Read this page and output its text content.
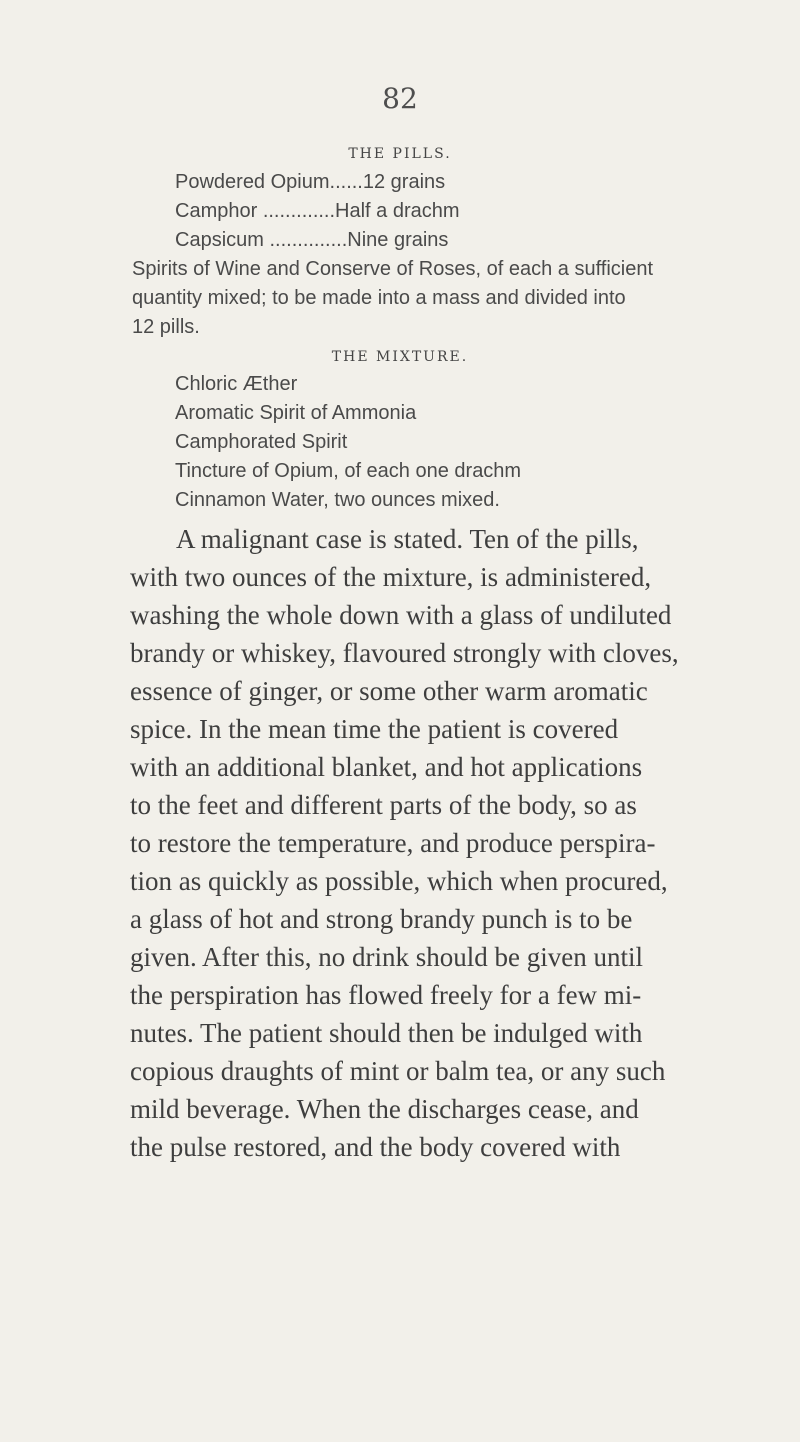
82
THE PILLS.
Powdered Opium......12 grains
Camphor .............Half a drachm
Capsicum ..............Nine grains
Spirits of Wine and Conserve of Roses, of each a sufficient
quantity mixed; to be made into a mass and divided into
12 pills.
THE MIXTURE.
Chloric Æther
Aromatic Spirit of Ammonia
Camphorated Spirit
Tincture of Opium, of each one drachm
Cinnamon Water, two ounces mixed.
A malignant case is stated. Ten of the pills,
with two ounces of the mixture, is administered,
washing the whole down with a glass of undiluted
brandy or whiskey, flavoured strongly with cloves,
essence of ginger, or some other warm aromatic
spice. In the mean time the patient is covered
with an additional blanket, and hot applications
to the feet and different parts of the body, so as
to restore the temperature, and produce perspira-
tion as quickly as possible, which when procured,
a glass of hot and strong brandy punch is to be
given. After this, no drink should be given until
the perspiration has flowed freely for a few mi-
nutes. The patient should then be indulged with
copious draughts of mint or balm tea, or any such
mild beverage. When the discharges cease, and
the pulse restored, and the body covered with
